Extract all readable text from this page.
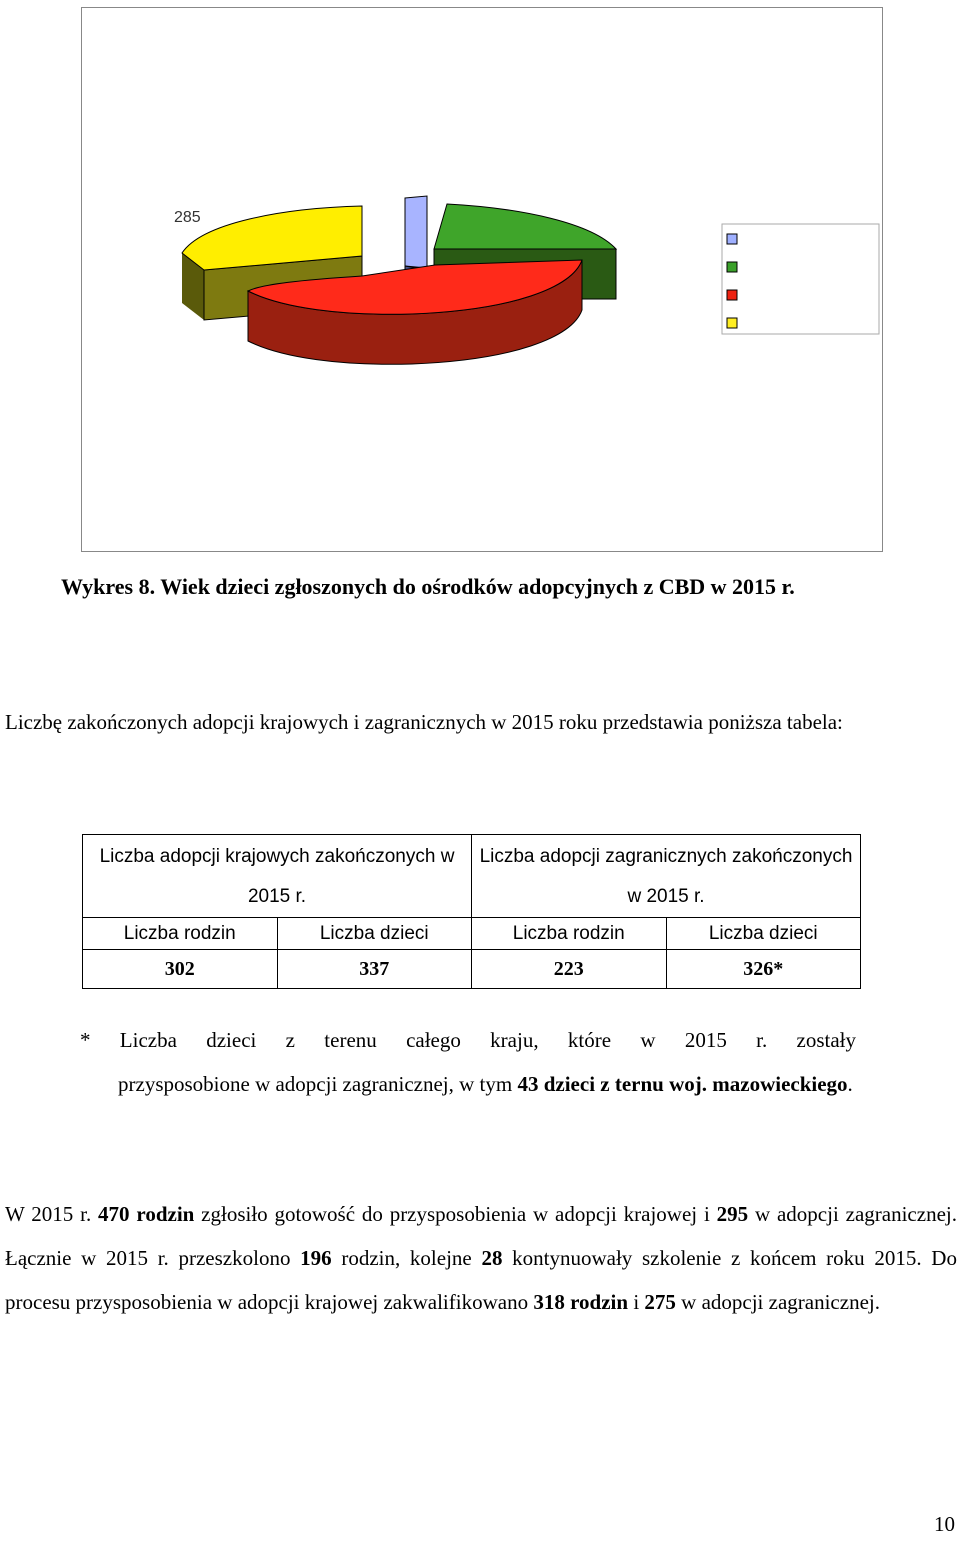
285
Wykres 8. Wiek dzieci zgłoszonych do ośrodków adopcyjnych z CBD w 2015 r.
Liczbę zakończonych adopcji krajowych i zagranicznych w 2015 roku przedstawia poniższa tabela:
Liczba adopcji krajowych zakończonych w 2015 r.		Liczba adopcji zagranicznych zakończonych w 2015 r.	
Liczba rodzin	Liczba dzieci	Liczba rodzin	Liczba dzieci
302	337	223	326*
* Liczba dzieci z terenu całego kraju, które w 2015 r. zostały
przysposobione w adopcji zagranicznej, w tym 43 dzieci z ternu woj. mazowieckiego.
W 2015 r. 470 rodzin zgłosiło gotowość do przysposobienia w adopcji krajowej i 295 w adopcji zagranicznej. Łącznie w 2015 r. przeszkolono 196 rodzin, kolejne 28 kontynuowały szkolenie z końcem roku 2015. Do procesu przysposobienia w adopcji krajowej zakwalifikowano 318 rodzin i 275 w adopcji zagranicznej.
10
